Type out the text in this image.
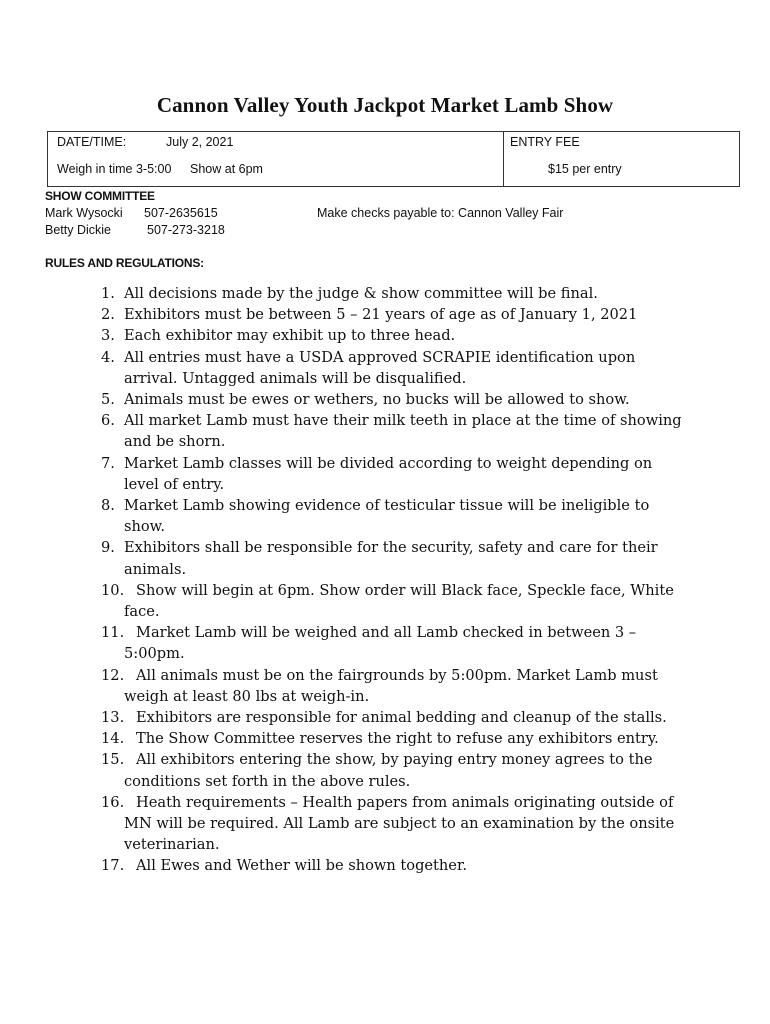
Cannon Valley Youth Jackpot Market Lamb Show
DATE/TIME:	July 2, 2021
Weigh in time 3-5:00 Show at 6pm
ENTRY FEE
$15 per entry
SHOW COMMITTEE
Mark Wysocki 507-2635615
Betty Dickie	507-273-3218
Make checks payable to: Cannon Valley Fair
RULES AND REGULATIONS:
1. All decisions made by the judge & show committee will be final.
2. Exhibitors must be between 5 – 21 years of age as of January 1, 2021
3. Each exhibitor may exhibit up to three head.
4. All entries must have a USDA approved SCRAPIE identification upon arrival. Untagged animals will be disqualified.
5. Animals must be ewes or wethers, no bucks will be allowed to show.
6. All market Lamb must have their milk teeth in place at the time of showing and be shorn.
7. Market Lamb classes will be divided according to weight depending on level of entry.
8. Market Lamb showing evidence of testicular tissue will be ineligible to show.
9. Exhibitors shall be responsible for the security, safety and care for their animals.
10. Show will begin at 6pm. Show order will Black face, Speckle face, White face.
11. Market Lamb will be weighed and all Lamb checked in between 3 – 5:00pm.
12. All animals must be on the fairgrounds by 5:00pm. Market Lamb must weigh at least 80 lbs at weigh-in.
13. Exhibitors are responsible for animal bedding and cleanup of the stalls.
14. The Show Committee reserves the right to refuse any exhibitors entry.
15. All exhibitors entering the show, by paying entry money agrees to the conditions set forth in the above rules.
16. Heath requirements – Health papers from animals originating outside of MN will be required. All Lamb are subject to an examination by the onsite veterinarian.
17. All Ewes and Wether will be shown together.
